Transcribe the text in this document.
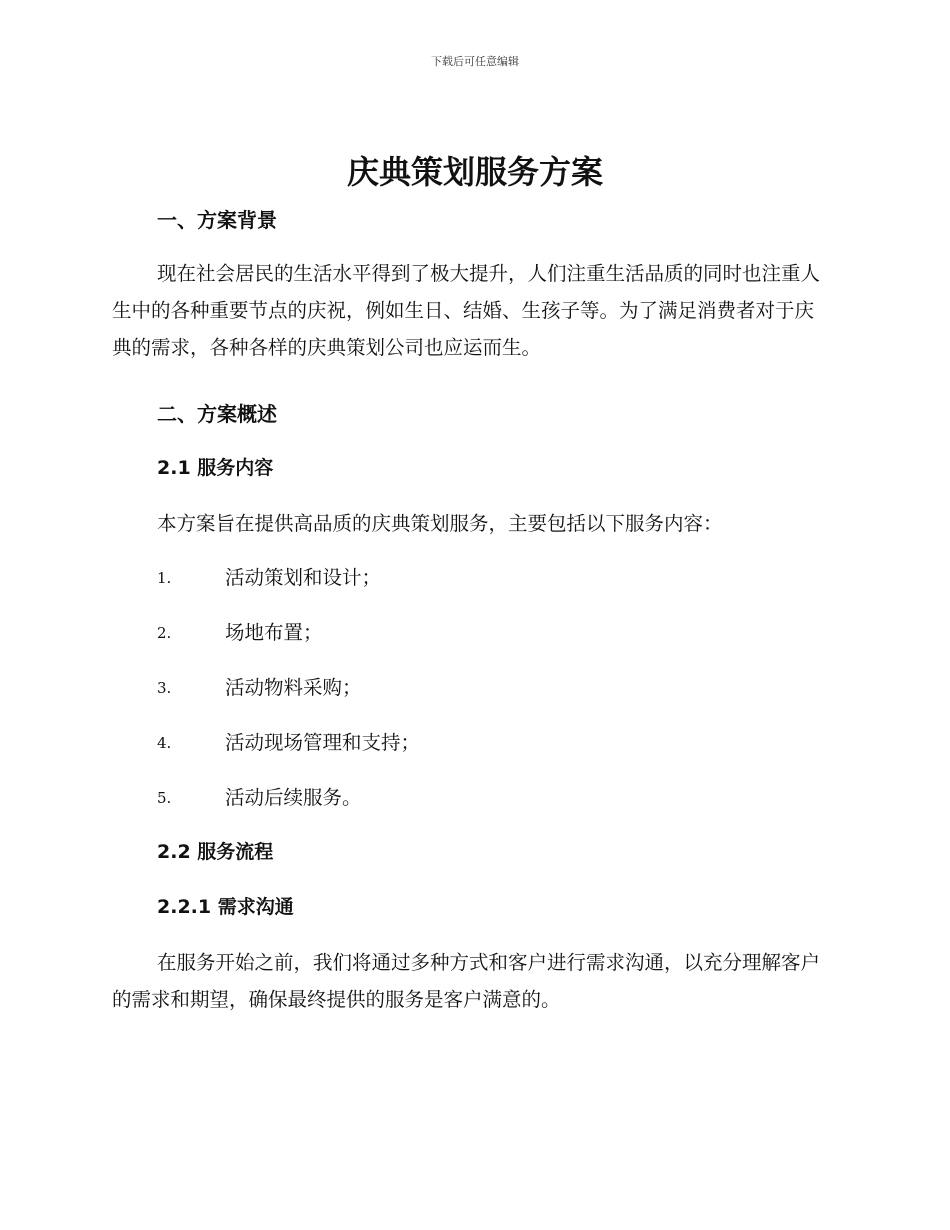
下载后可任意编辑
庆典策划服务方案
一、方案背景

现在社会居民的生活水平得到了极大提升，人们注重生活品质的同时也注重人生中的各种重要节点的庆祝，例如生日、结婚、生孩子等。为了满足消费者对于庆典的需求，各种各样的庆典策划公司也应运而生。

二、方案概述
2.1 服务内容

本方案旨在提供高品质的庆典策划服务，主要包括以下服务内容：

1.	活动策划和设计；
2.	场地布置；
3.	活动物料采购；
4.	活动现场管理和支持；
5.	活动后续服务。
2.2 服务流程
2.2.1 需求沟通

在服务开始之前，我们将通过多种方式和客户进行需求沟通，以充分理解客户的需求和期望，确保最终提供的服务是客户满意的。
